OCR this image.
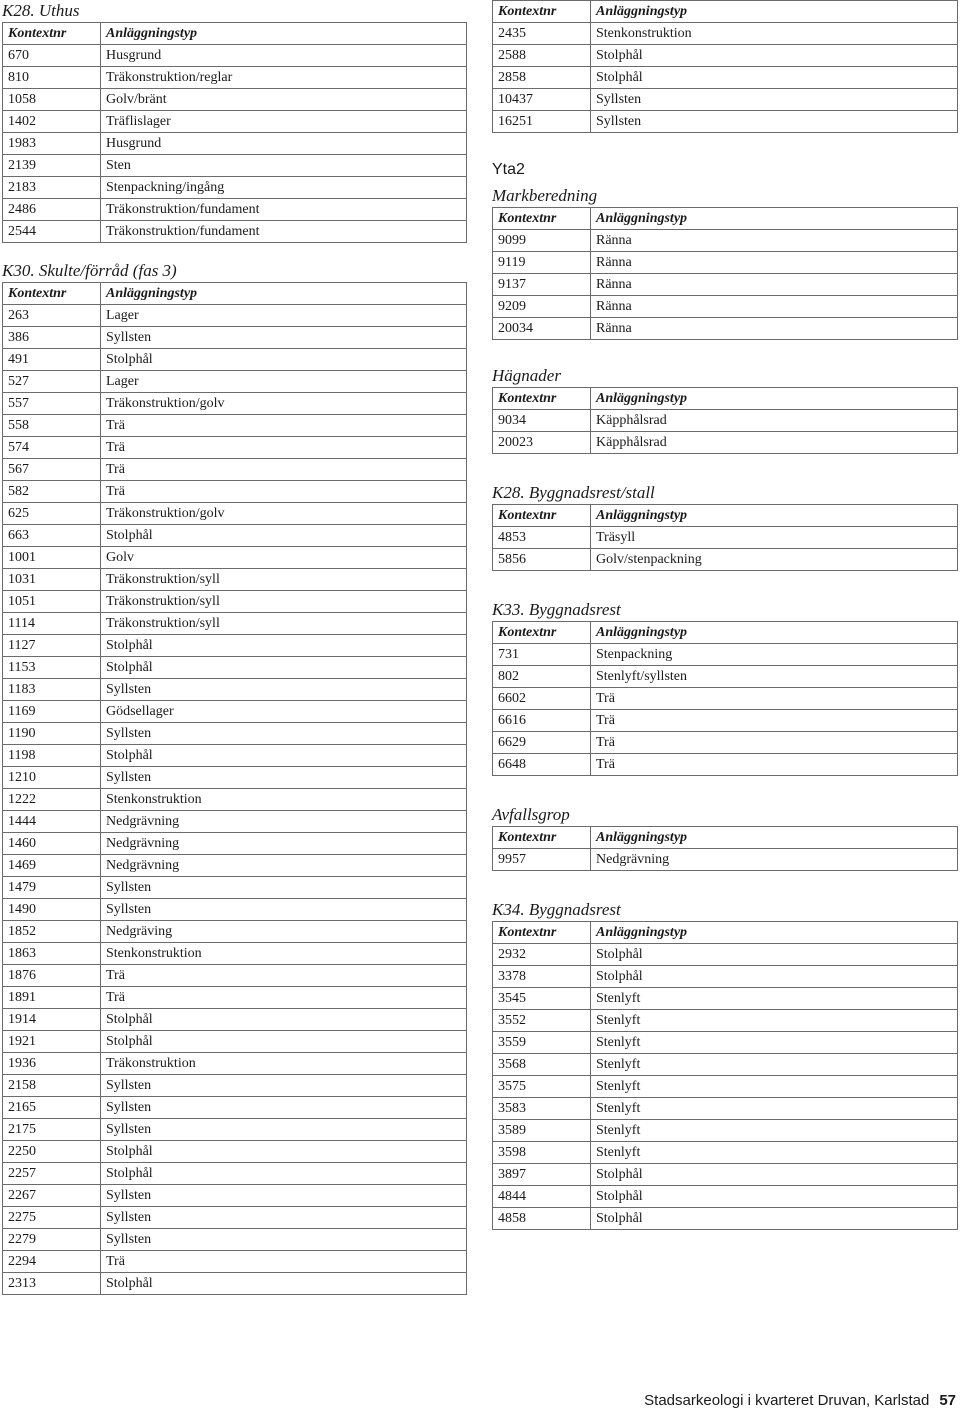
K28. Uthus

Kontextnr	Anläggningstyp
670	Husgrund
810	Träkonstruktion/reglar
1058	Golv/bränt
1402	Träflislager
1983	Husgrund
2139	Sten
2183	Stenpackning/ingång
2486	Träkonstruktion/fundament
2544	Träkonstruktion/fundament

K30. Skulte/förråd (fas 3)

Kontextnr	Anläggningstyp
263	Lager
386	Syllsten
491	Stolphål
527	Lager
557	Träkonstruktion/golv
558	Trä
574	Trä
567	Trä
582	Trä
625	Träkonstruktion/golv
663	Stolphål
1001	Golv
1031	Träkonstruktion/syll
1051	Träkonstruktion/syll
1114	Träkonstruktion/syll
1127	Stolphål
1153	Stolphål
1183	Syllsten
1169	Gödsellager
1190	Syllsten
1198	Stolphål
1210	Syllsten
1222	Stenkonstruktion
1444	Nedgrävning
1460	Nedgrävning
1469	Nedgrävning
1479	Syllsten
1490	Syllsten
1852	Nedgräving
1863	Stenkonstruktion
1876	Trä
1891	Trä
1914	Stolphål
1921	Stolphål
1936	Träkonstruktion
2158	Syllsten
2165	Syllsten
2175	Syllsten
2250	Stolphål
2257	Stolphål
2267	Syllsten
2275	Syllsten
2279	Syllsten
2294	Trä
2313	Stolphål
Kontextnr	Anläggningstyp
2435	Stenkonstruktion
2588	Stolphål
2858	Stolphål
10437	Syllsten
16251	Syllsten

Yta2

Markberedning

Kontextnr	Anläggningstyp
9099	Ränna
9119	Ränna
9137	Ränna
9209	Ränna
20034	Ränna

Hägnader

Kontextnr	Anläggningstyp
9034	Käpphålsrad
20023	Käpphålsrad

K28. Byggnadsrest/stall

Kontextnr	Anläggningstyp
4853	Träsyll
5856	Golv/stenpackning

K33. Byggnadsrest

Kontextnr	Anläggningstyp
731	Stenpackning
802	Stenlyft/syllsten
6602	Trä
6616	Trä
6629	Trä
6648	Trä

Avfallsgrop

Kontextnr	Anläggningstyp
9957	Nedgrävning

K34. Byggnadsrest

Kontextnr	Anläggningstyp
2932	Stolphål
3378	Stolphål
3545	Stenlyft
3552	Stenlyft
3559	Stenlyft
3568	Stenlyft
3575	Stenlyft
3583	Stenlyft
3589	Stenlyft
3598	Stenlyft
3897	Stolphål
4844	Stolphål
4858	Stolphål
Stadsarkeologi i kvarteret Druvan, Karlstad 57
